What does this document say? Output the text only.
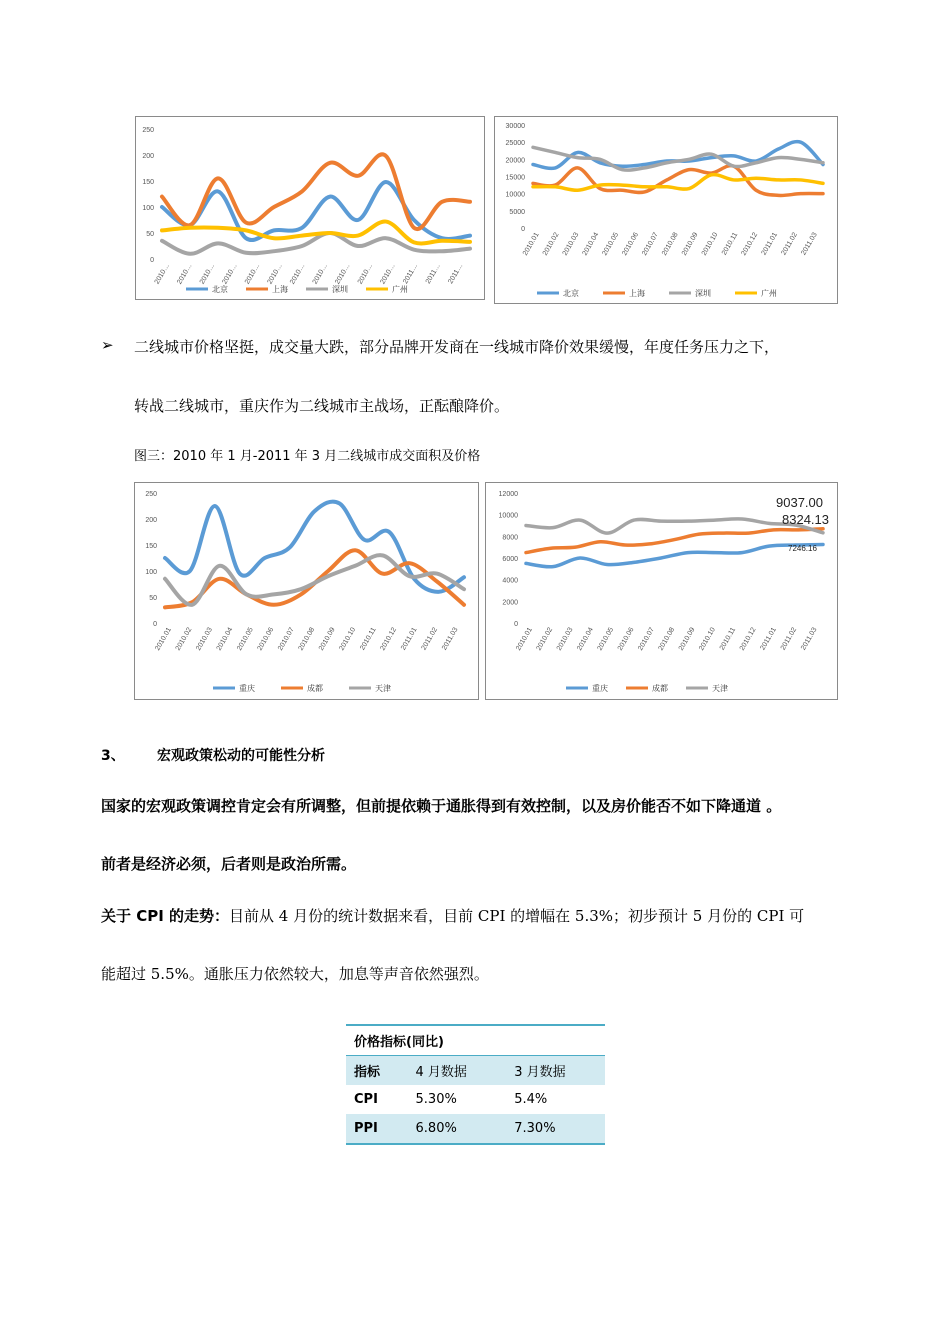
0
50
100
150
200
250
2010… 2010… 2010… 2010… 2010… 2010… 2010… 2010… 2010… 2010… 2010… 2011… 2011… 2011…
北京	上海	深圳	广州
0
5000
10000
15000
20000
25000
30000
2010.01 2010.02 2010.03 2010.04 2010.05 2010.06 2010.07 2010.08 2010.09 2010.10 2010.11 2010.12 2011.01 2011.02 2011.03
北京	上海	深圳	广州
➢ 二线城市价格坚挺，成交量大跌，部分品牌开发商在一线城市降价效果缓慢，年度任务压力之下，
转战二线城市，重庆作为二线城市主战场，正酝酿降价。
图三：2010 年 1 月-2011 年 3 月二线城市成交面积及价格
0
50
100
150
200
250
2010.01 2010.02 2010.03 2010.04 2010.05 2010.06 2010.07 2010.08 2010.09 2010.10 2010.11 2010.12 2011.01 2011.02 2011.03
重庆	成都	天津
0
2000
4000
6000
8000
10000
12000
2010.01 2010.02 2010.03 2010.04 2010.05 2010.06 2010.07 2010.08 2010.09 2010.10 2010.11 2010.12 2011.01 2011.02 2011.03
重庆	成都	天津
9037.00
8324.13
7246.16
3、 宏观政策松动的可能性分析
国家的宏观政策调控肯定会有所调整，但前提依赖于通胀得到有效控制，以及房价能否不如下降通道 。
前者是经济必须，后者则是政治所需。
关于 CPI 的走势：目前从 4 月份的统计数据来看，目前 CPI 的增幅在 5.3%；初步预计 5 月份的 CPI 可
能超过 5.5%。通胀压力依然较大，加息等声音依然强烈。
价格指标(同比)		
指标	4 月数据	3 月数据
CPI	5.30%	5.4%
PPI	6.80%	7.30%
